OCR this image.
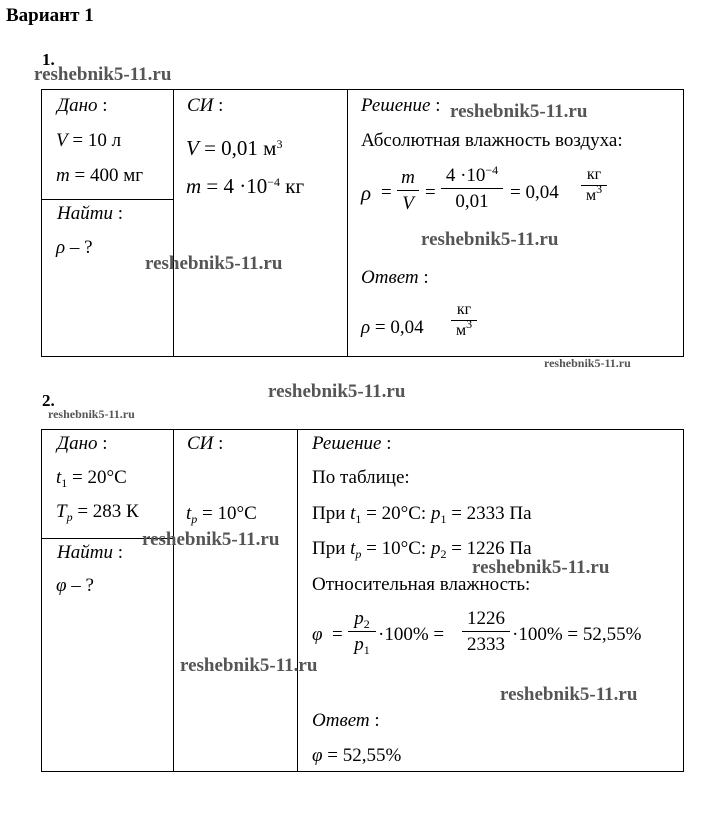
Вариант 1
1.
reshebnik5-11.ru
Дано :
V = 10 л
m = 400 мг
Найти :
ρ – ?
СИ :
V = 0,01 $м^3$
$m = 4 \cdot 10^{-4}$ кг
Решение : reshebnik5-11.ru
Абсолютная влажность воздуха:
ρ =
m
V
=
$4 \cdot 10^{-4}$
0,01 = 0,04
кг
$м^3$
reshebnik5-11.ru
reshebnik5-11.ru
Ответ :
ρ = 0,04
кг
$м^3$
reshebnik5-11.ru
reshebnik5-11.ru
2.
reshebnik5-11.ru
Дано :
$t_1 = 20^\circ C$
$T_p = 283$ К
Найти :
φ – ?
СИ :
$t_p = 10^\circ C$
Решение :
По таблице:
При $t_1 = 20^\circ C$: $p_1 = 2333$ Па
При $t_p = 10^\circ C$: $p_2 = 1226$ Па
reshebnik5-11.ru
reshebnik5-11.ru
Относительная влажность:
φ =
$p_2$
$p_1$
·100% =
1226
2333 ·100% = 52,55%
reshebnik5-11.ru
reshebnik5-11.ru
Ответ :
φ = 52,55%
